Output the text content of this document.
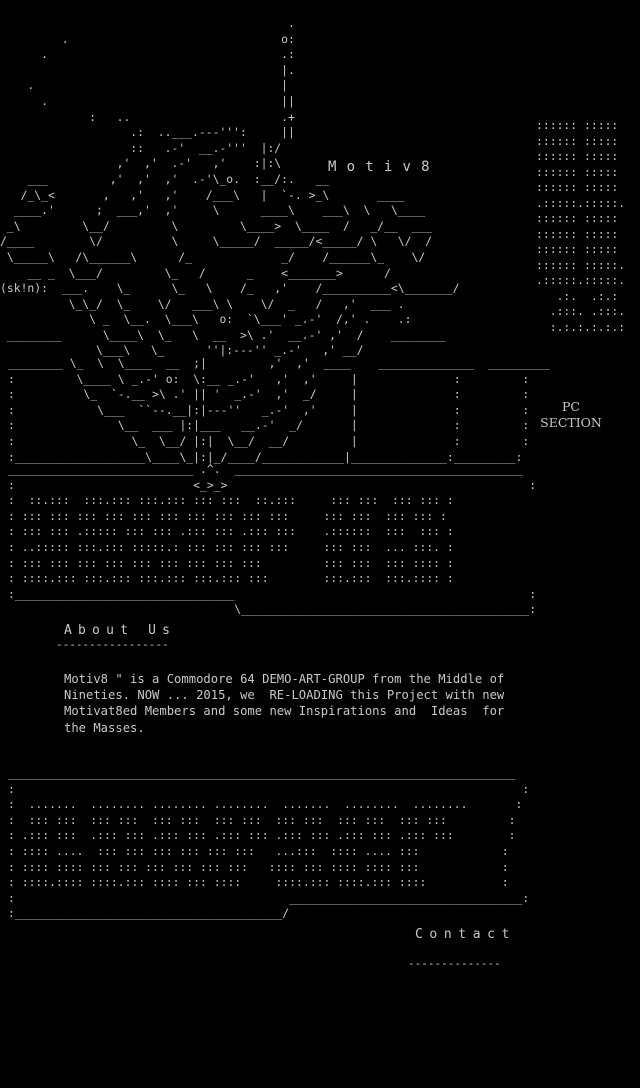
.
.                               o:
.                                  .:
|.
.                                    |
.                                  ||
:   ..                      .+
.:  ..___.---''':     ||
::   .-'  __.-'''  |:/
,'  ,'  .-'   ,'    :|:\
___         ,'  ,'  ,'  .-'\_o.  :__/:.   __
/_\_<       ,   ,'   ,'    /___\   |  `-. >_\       ____
____.'      ;  ___,'  ,'     \      ____\    ___\  \   \____
_\         \__/         \         \____>  \____  /   _/__  ___
/____        \/          \     \_____/  _____/<_____/ \   \/  /
\_____\   /\______\      /_             _/    /______\_    \/
__ _  \___/         \_   /      _    <_______>      /
(sk!n):  ___.    \_      \_   \    /_   ,'    /__________<\_______/
\_\_/  \_    \/   ___\ \    \/  _   /   ,'  ___ .
\ _  \__.  \___\   o:  `\___' _.-'  /,' .    .:
________      \____\  \_   \  __  >\ .'  __.-' ,'  /    ________
\___\   \_      ''|:---'' _.-'   ,' __/

:::::: :::::
:::::: :::::
:::::: :::::
:::::: :::::
:::::: :::::
.:::::.:::::.
:::::: :::::
:::::: :::::
:::::: :::::
:::::: :::::.
.:::::.:::::.
.:.  .:.:
.:::. .:::.
:.:.:.:.:.:

Motiv8
________ \_  \  \____  __  ;|         ,'  ,'  ____    ______________  _________
:         \____ \ _.-' o:  \:__ _.-'   ,'  ,'     |              :         :
:          \_  `-.__ >\ .' || '  _.-'  ,'  _/     |              :         :
:            \___  ``--.__|:|---''   _.-'  ,'     |              :         :
:               \__  ___ |:|___   __.-'  _/       |              :         :
:                 \_  \__/ |:|  \__/  __/         |              :         :
:___________________\____\_|:|_/____/____________|______________:_________:

PC SECTION
___________________________ .^.  __________________________________________
:                          <_>_>                                            :
:  ::.:::  :::.::: :::.::: ::: :::  ::.:::     ::: :::  ::: ::: :
: ::: ::: ::: ::: ::: ::: ::: ::: ::: :::     ::: :::  ::: ::: :
: ::: ::: .::::: ::: ::: .::: ::: .::: :::    .::::::  :::  ::: :
: ..::::: :::.::: :::::.: ::: ::: ::: :::     ::: :::  ... :::. :
: ::: ::: ::: ::: ::: ::: ::: ::: :::         ::: :::  ::: :::: :
: ::::.::: :::.::: :::.::: :::.::: :::        :::.:::  :::.:::: :
:________________________________                                           :
\__________________________________________:

About Us
-----------------
Motiv8 " is a Commodore 64 DEMO-ART-GROUP from the Middle of
Nineties. NOW ... 2015, we  RE-LOADING this Project with new
Motivat8ed Members and some new Inspirations and  Ideas  for
the Masses.
__________________________________________________________________________
:                                                                          :
:  .......  ........ ........ ........  .......  ........  ........       :
:  ::: :::  ::: :::  ::: :::  ::: :::  ::: :::  ::: :::  ::: :::         :
: .::: :::  .::: ::: .::: ::: .::: ::: .::: ::: .::: ::: .::: :::        :
: :::: ....  ::: ::: ::: ::: ::: :::   ...:::  :::: .... :::            :
: :::: :::: ::: ::: ::: ::: ::: :::   :::: ::: :::: :::: :::            :
: ::::.:::: ::::.::: :::: ::: ::::     ::::.::: ::::.::: ::::           :
:                                        __________________________________:
:_______________________________________/

Contact
--------------
